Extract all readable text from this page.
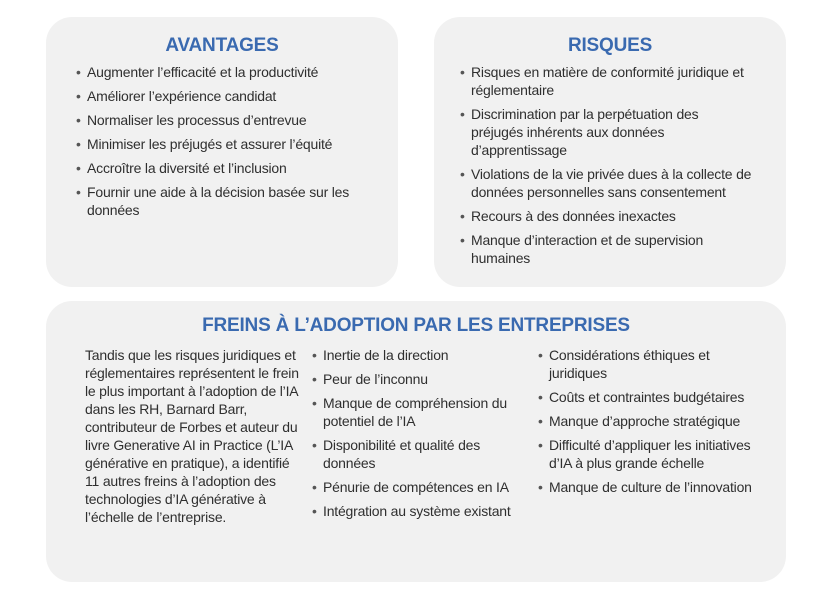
AVANTAGES
• Augmenter l’efficacité et la productivité
• Améliorer l’expérience candidat
• Normaliser les processus d’entrevue
• Minimiser les préjugés et assurer l’équité
• Accroître la diversité et l’inclusion
• Fournir une aide à la décision basée sur les données
RISQUES
• Risques en matière de conformité juridique et réglementaire
• Discrimination par la perpétuation des préjugés inhérents aux données d’apprentissage
• Violations de la vie privée dues à la collecte de données personnelles sans consentement
• Recours à des données inexactes
• Manque d’interaction et de supervision humaines
FREINS À L’ADOPTION PAR LES ENTREPRISES

Tandis que les risques juridiques et réglementaires représentent le frein le plus important à l’adoption de l’IA dans les RH, Barnard Barr, contributeur de Forbes et auteur du livre Generative AI in Practice (L’IA générative en pratique), a identifié 11 autres freins à l’adoption des technologies d’IA générative à l’échelle de l’entreprise.

• Inertie de la direction
• Peur de l’inconnu
• Manque de compréhension du potentiel de l’IA
• Disponibilité et qualité des données
• Pénurie de compétences en IA
• Intégration au système existant
• Considérations éthiques et juridiques
• Coûts et contraintes budgétaires
• Manque d’approche stratégique
• Difficulté d’appliquer les initiatives d’IA à plus grande échelle
• Manque de culture de l’innovation
